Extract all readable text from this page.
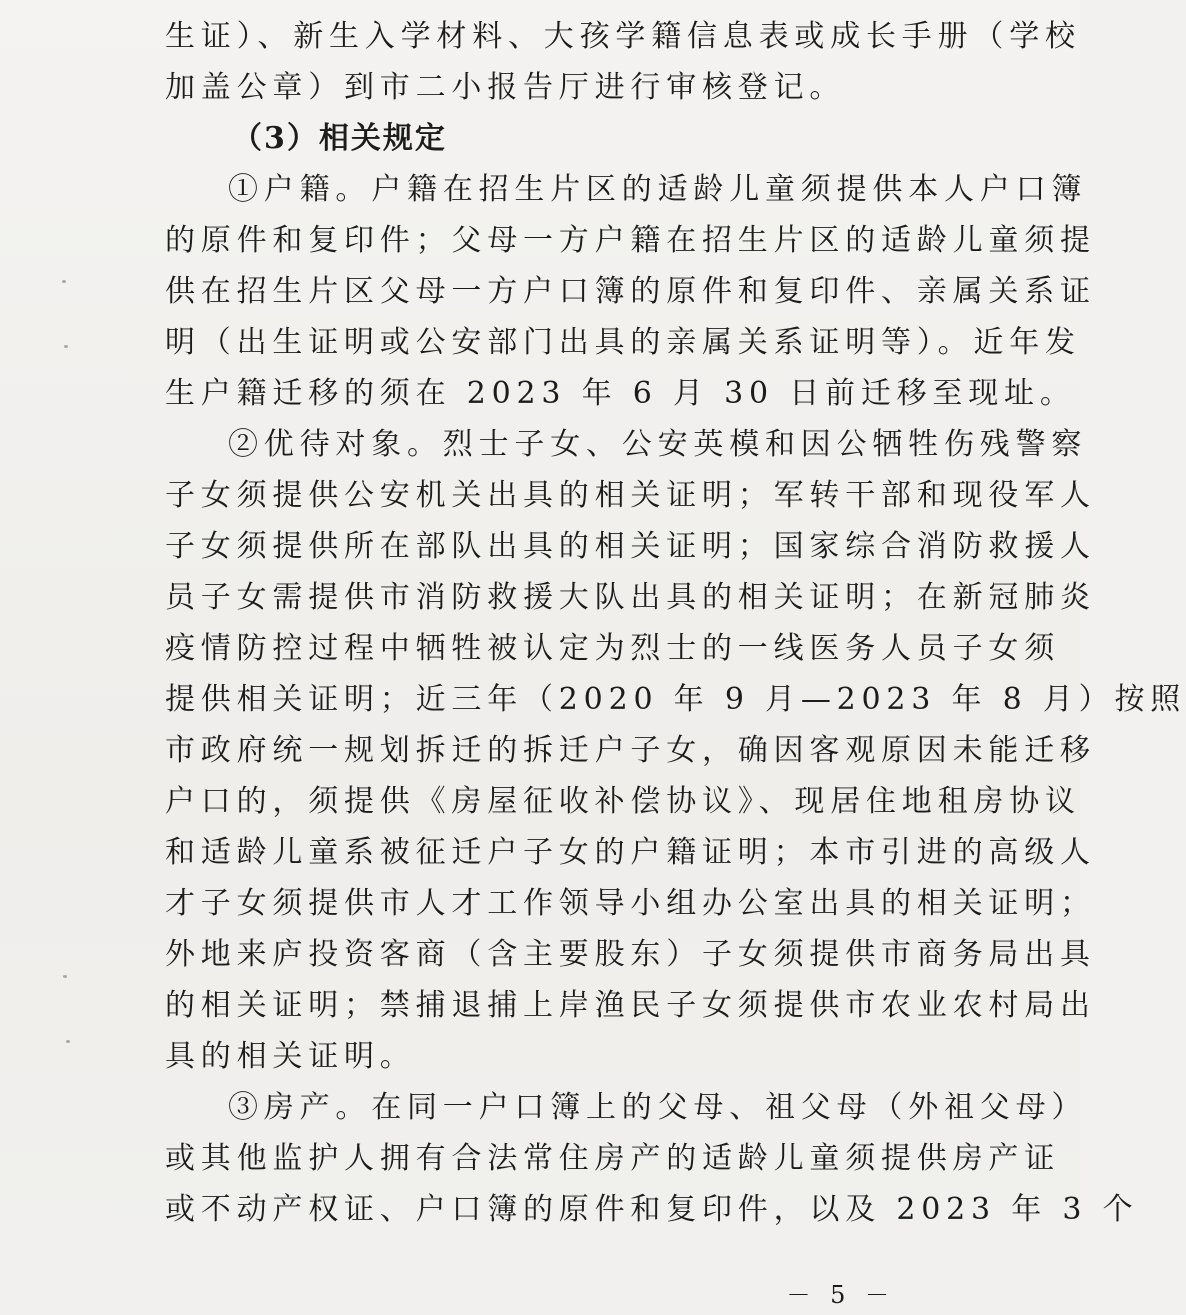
生证）、新生入学材料、大孩学籍信息表或成长手册（学校
加盖公章）到市二小报告厅进行审核登记。
（3）相关规定
①户籍。户籍在招生片区的适龄儿童须提供本人户口簿
的原件和复印件；父母一方户籍在招生片区的适龄儿童须提
供在招生片区父母一方户口簿的原件和复印件、亲属关系证
明（出生证明或公安部门出具的亲属关系证明等）。近年发
生户籍迁移的须在 2023 年 6 月 30 日前迁移至现址。
②优待对象。烈士子女、公安英模和因公牺牲伤残警察
子女须提供公安机关出具的相关证明；军转干部和现役军人
子女须提供所在部队出具的相关证明；国家综合消防救援人
员子女需提供市消防救援大队出具的相关证明；在新冠肺炎
疫情防控过程中牺牲被认定为烈士的一线医务人员子女须
提供相关证明；近三年（2020 年 9 月—2023 年 8 月）按照
市政府统一规划拆迁的拆迁户子女，确因客观原因未能迁移
户口的，须提供《房屋征收补偿协议》、现居住地租房协议
和适龄儿童系被征迁户子女的户籍证明；本市引进的高级人
才子女须提供市人才工作领导小组办公室出具的相关证明；
外地来庐投资客商（含主要股东）子女须提供市商务局出具
的相关证明；禁捕退捕上岸渔民子女须提供市农业农村局出
具的相关证明。
③房产。在同一户口簿上的父母、祖父母（外祖父母）
或其他监护人拥有合法常住房产的适龄儿童须提供房产证
或不动产权证、户口簿的原件和复印件，以及 2023 年 3 个
－ 5 －
